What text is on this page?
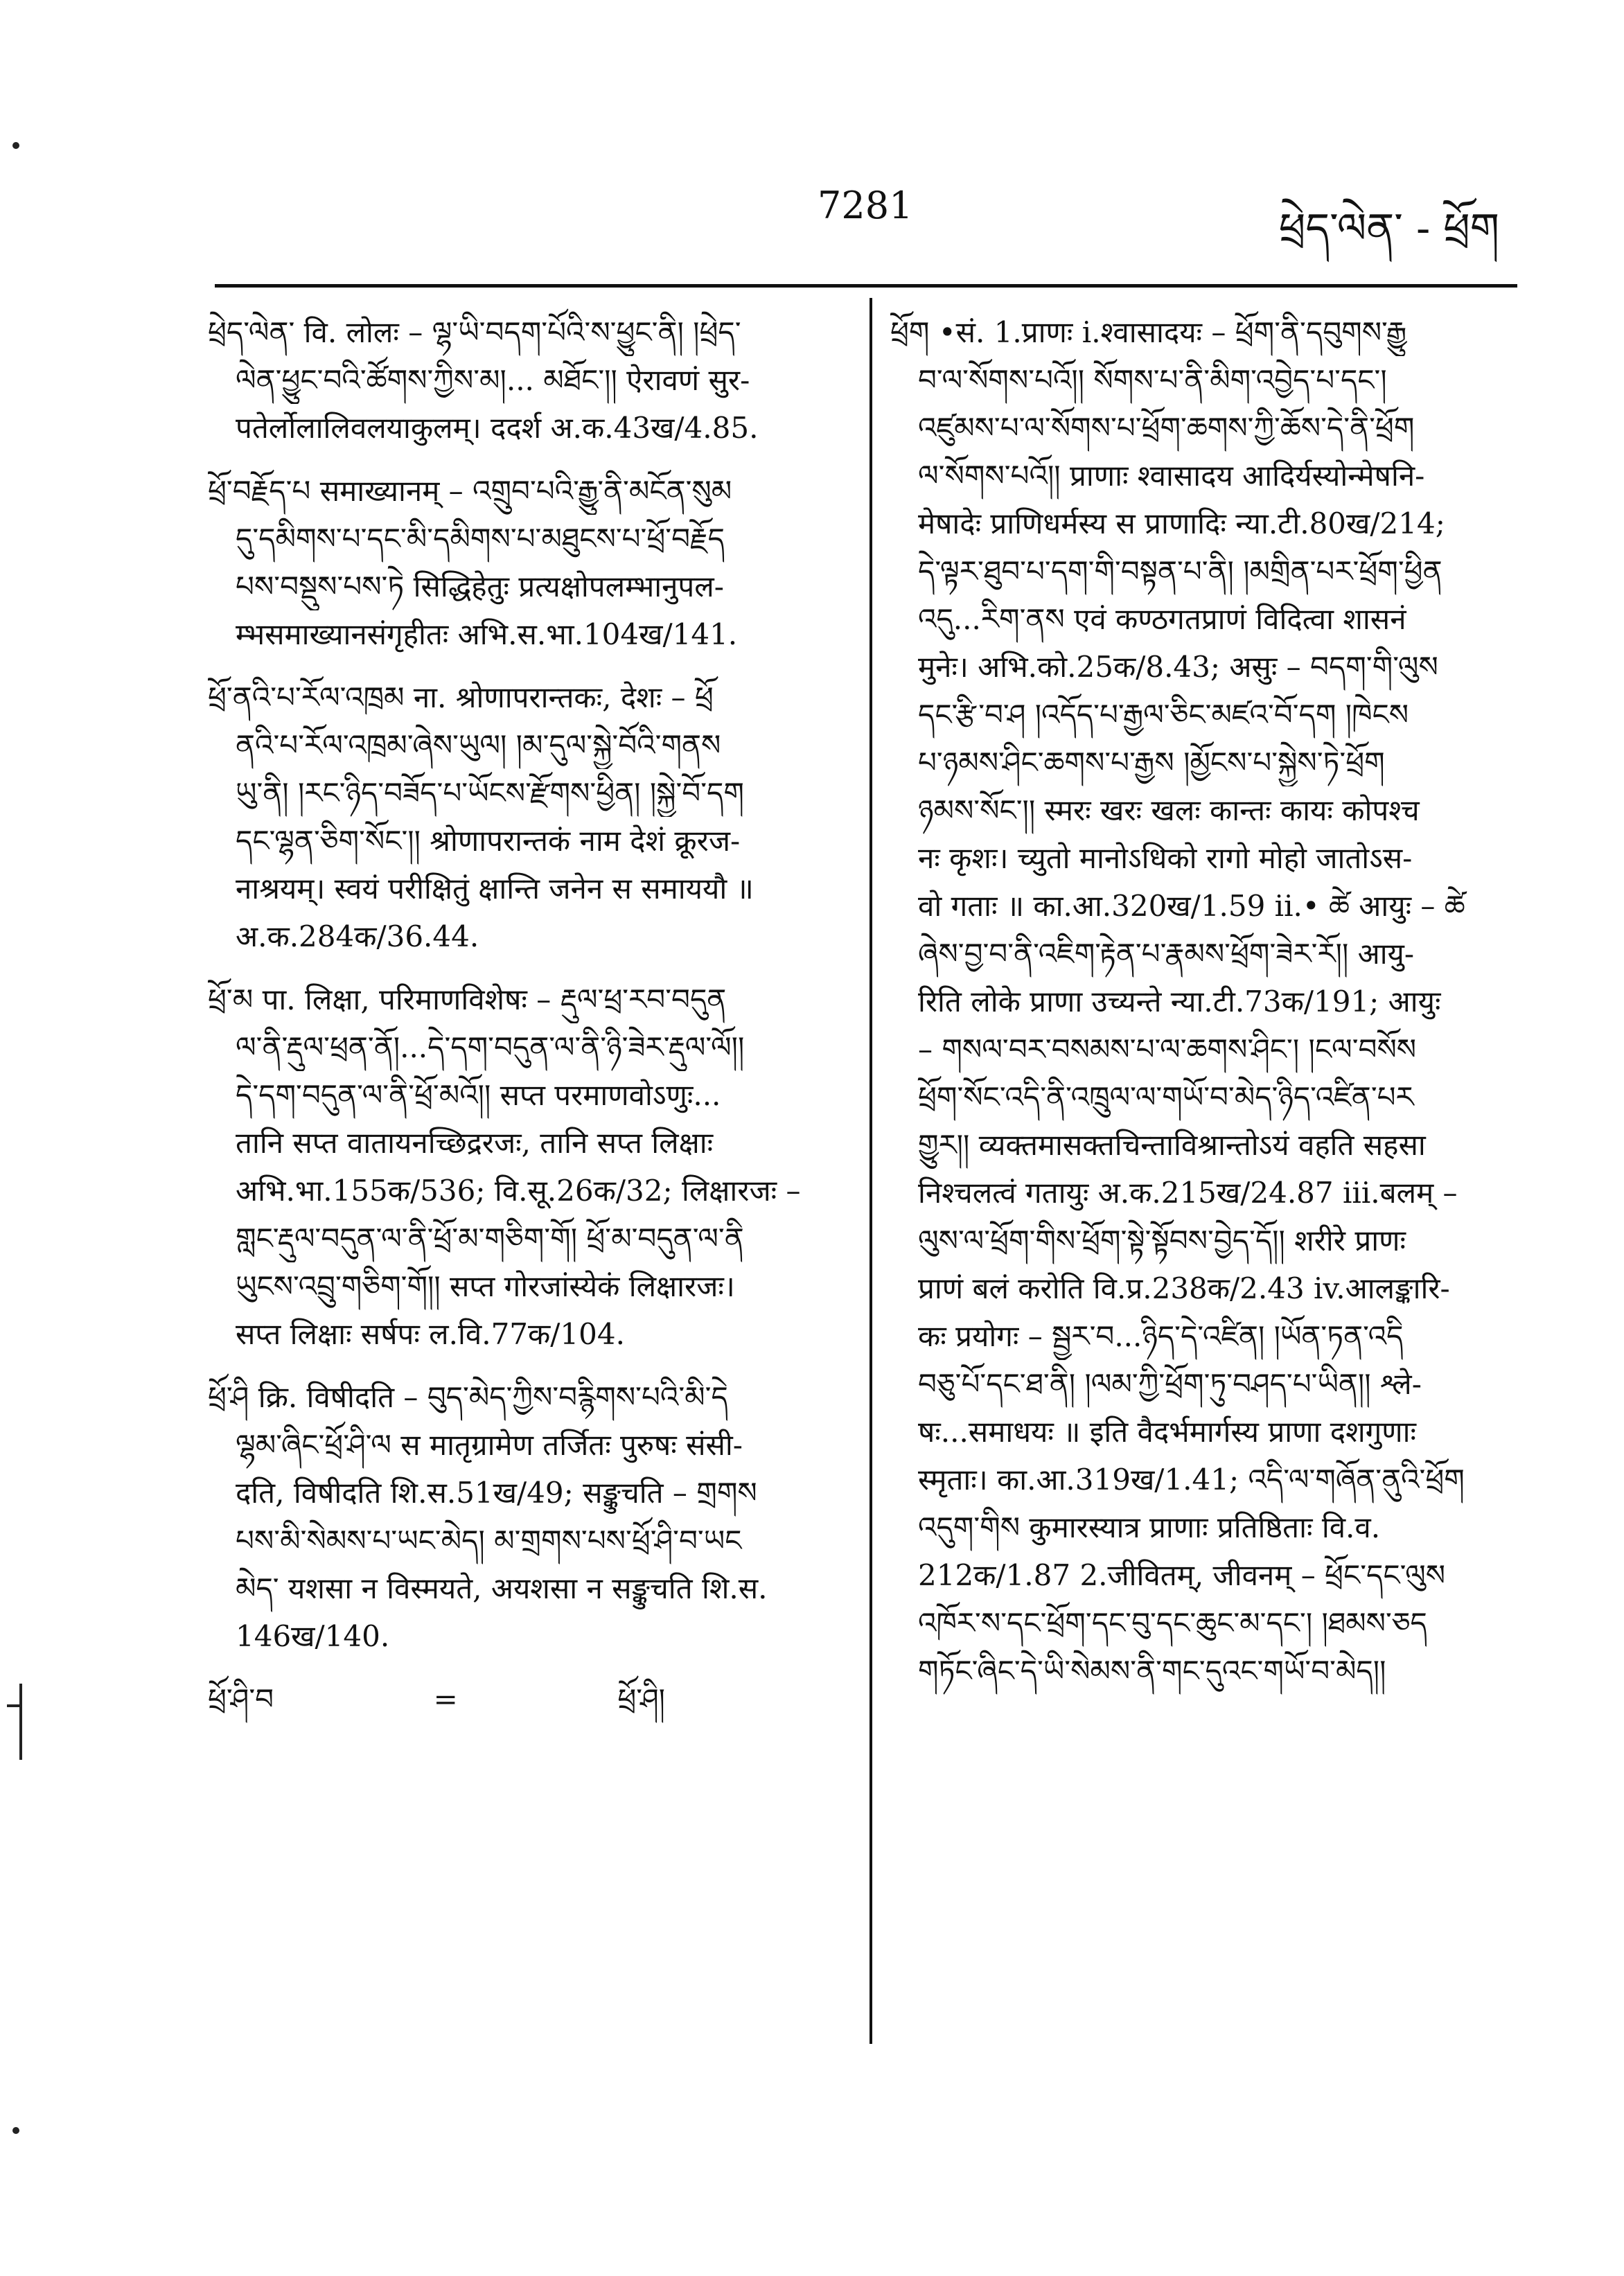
7281	ཕྲེད་ལེན་ - ཕྲོག
ཕྲེད་ལེན་ वि. लोलः – ལྷ་ཡི་བདག་པོའི་ས་ཕྱུང་ནི། །ཕྲེད་
ལེན་ཕྱུང་བའི་ཚོགས་ཀྱིས་མ།... མཐོང་།། ऐरावणं सुर-
पतेर्लोलालिवलयाकुलम्। ददर्श अ.क.43ख/4.85.
ཕྲོ་བརྗོད་པ समाख्यानम् – འགྲུབ་པའི་རྒྱུ་ནི་མངོན་སུམ
དུ་དམིགས་པ་དང་མི་དམིགས་པ་མཐུངས་པ་ཕྲོ་བརྗོད
པས་བསྡུས་པས་ཏེ सिद्धिहेतुः प्रत्यक्षोपलम्भानुपल-
म्भसमाख्यानसंगृहीतः अभि.स.भा.104ख/141.
ཕྲོ་ནའི་པ་རོལ་འཁྲམ ना. श्रोणापरान्तकः, देशः – ཕྲོ
ནའི་པ་རོལ་འཁྲམ་ཞེས་ཡུལ། །མ་དུལ་སྐྱེ་བོའི་གནས
ཡུ་ནི། །རང་ཉིད་བཟོད་པ་ཡོངས་རྫོགས་ཕྱིན། །སྐྱེ་བོ་དག
དང་ལྷན་ཅིག་སོང་།། श्रोणापरान्तकं नाम देशं क्रूरज-
नाश्रयम्। स्वयं परीक्षितुं क्षान्ति जनेन स समाययौ ॥
अ.क.284क/36.44.
ཕྲོ་མ पा. लिक्षा, परिमाणविशेषः – རྡུལ་ཕྲ་རབ་བདུན
ལ་ནི་རྡུལ་ཕྲན་ནོ།...དེ་དག་བདུན་ལ་ནི་ཉི་ཟེར་རྡུལ་ལོ།།
དེ་དག་བདུན་ལ་ནི་ཕྲོ་མའོ།། सप्त परमाणवोऽणुः...
तानि सप्त वातायनच्छिद्ररजः, तानि सप्त लिक्षाः
अभि.भा.155क/536; वि.सू.26क/32; लिक्षारजः –
གླང་རྡུལ་བདུན་ལ་ནི་ཕྲོ་མ་གཅིག་གོ། ཕྲོ་མ་བདུན་ལ་ནི
ཡུངས་འབྲུ་གཅིག་གོ།། सप्त गोरजांस्येकं लिक्षारजः।
सप्त लिक्षाः सर्षपः ल.वि.77क/104.
ཕྲོ་ཤི क्रि. विषीदति – བུད་མེད་ཀྱིས་བརྙིགས་པའི་མི་དེ
ལྷམ་ཞིང་ཕྲོ་ཤི་ལ स मातृग्रामेण तर्जितः पुरुषः संसी-
दति, विषीदति शि.स.51ख/49; सङ्कुचति – གྲགས
པས་མི་སེམས་པ་ཡང་མེད། མ་གྲགས་པས་ཕྲོ་ཤི་བ་ཡང
མེད་ यशसा न विस्मयते, अयशसा न सङ्कुचति शि.स.
146ख/140.
ཕྲོ་ཤི་བ	=	ཕྲོ་ཤི།
ཕྲོག •सं. 1.प्राणः i.श्वासादयः – ཕྲོག་ནི་དབུགས་རྒྱུ
བ་ལ་སོགས་པའོ།། སོགས་པ་ནི་མིག་འབྱེད་པ་དང་།
འཛུམས་པ་ལ་སོགས་པ་ཕྲོག་ཆགས་ཀྱི་ཆོས་དེ་ནི་ཕྲོག
ལ་སོགས་པའོ།། प्राणाः श्वासादय आदिर्यस्योन्मेषनि-
मेषादेः प्राणिधर्मस्य स प्राणादिः न्या.टी.80ख/214;
དེ་ལྟར་ཐུབ་པ་དག་གི་བསྟན་པ་ནི། །མགྲིན་པར་ཕྲོག་ཕྱིན
འདུ...རིག་ནས एवं कण्ठगतप्राणं विदित्वा शासनं
मुनेः। अभि.को.25क/8.43; असुः – བདག་གི་ལུས
དང་རྩི་བ་ཤ །འདོད་པ་རྒྱལ་ཅིང་མཛའ་བོ་དག །ཁེངས
པ་ཉམས་ཤིང་ཆགས་པ་རྒྱས །མྱོངས་པ་སྐྱེས་ཏེ་ཕྲོག
ཉམས་སོང་།། स्मरः खरः खलः कान्तः कायः कोपश्च
नः कृशः। च्युतो मानोऽधिको रागो मोहो जातोऽस-
वो गताः ॥ का.आ.320ख/1.59 ii.• ཚེ आयुः – ཚེ
ཞེས་བྱ་བ་ནི་འཇིག་རྟེན་པ་རྣམས་ཕྲོག་ཟེར་རོ།། आयु-
रिति लोके प्राणा उच्यन्ते न्या.टी.73क/191; आयुः
– གསལ་བར་བསམས་པ་ལ་ཆགས་ཤིང་། །ངལ་བསོས
ཕྲོག་སོང་འདི་ནི་འཁྲུལ་ལ་གཡོ་བ་མེད་ཉིད་འཛིན་པར
གྱུར།། व्यक्तमासक्तचिन्ताविश्रान्तोऽयं वहति सहसा
निश्चलत्वं गतायुः अ.क.215ख/24.87 iii.बलम् –
ལུས་ལ་ཕྲོག་གིས་ཕྲོག་སྟེ་སྟོབས་བྱེད་དོ།། शरीरे प्राणः
प्राणं बलं करोति वि.प्र.238क/2.43 iv.आलङ्कारि-
कः प्रयोगः – སྦྱར་བ...ཉིད་དེ་འཛིན། །ཡོན་ཏན་འདི
བཅུ་པོ་དང་ཐ་ནི། །ལམ་ཀྱི་ཕྲོག་ཏུ་བཤད་པ་ཡིན།། श्ले-
षः...समाधयः ॥ इति वैदर्भमार्गस्य प्राणा दशगुणाः
स्मृताः। का.आ.319ख/1.41; འདི་ལ་གཞོན་ནུའི་ཕྲོག
འདུག་གིས कुमारस्यात्र प्राणाः प्रतिष्ठिताः वि.व.
212क/1.87 2.जीवितम्, जीवनम् – ཕྲོང་དང་ལུས
འཁོར་ས་དང་ཕྲོག་དང་བུ་དང་ཆུང་མ་དང་། །ཐམས་ཅད
གཏོང་ཞིང་དེ་ཡི་སེམས་ནི་གང་དུའང་གཡོ་བ་མེད།།
